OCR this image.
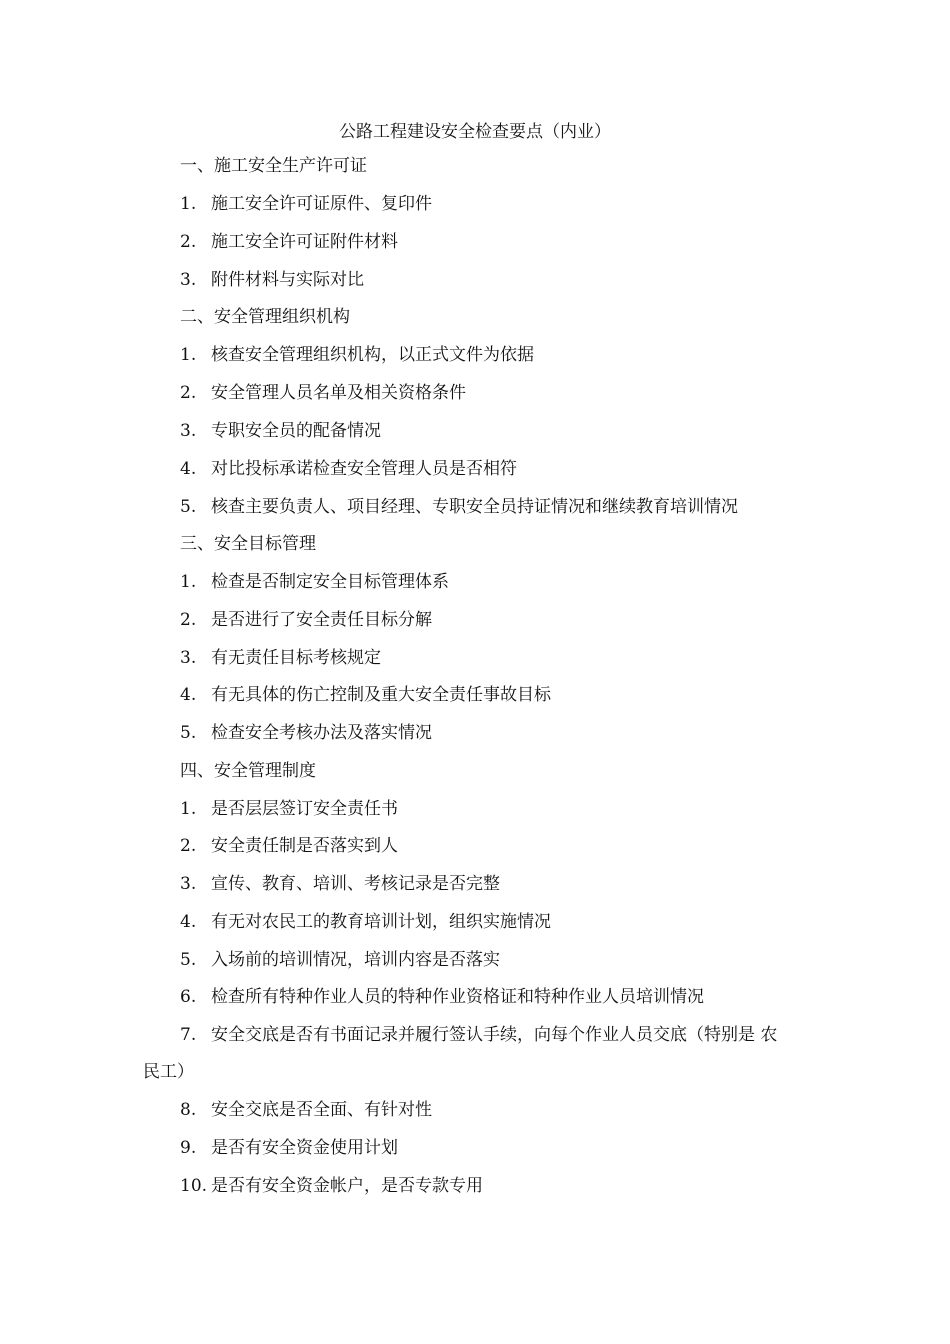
公路工程建设安全检查要点（内业）
一、施工安全生产许可证
1. 施工安全许可证原件、复印件
2. 施工安全许可证附件材料
3. 附件材料与实际对比
二、安全管理组织机构
1. 核查安全管理组织机构，以正式文件为依据
2. 安全管理人员名单及相关资格条件
3. 专职安全员的配备情况
4. 对比投标承诺检查安全管理人员是否相符
5. 核查主要负责人、项目经理、专职安全员持证情况和继续教育培训情况
三、安全目标管理
1. 检查是否制定安全目标管理体系
2. 是否进行了安全责任目标分解
3. 有无责任目标考核规定
4. 有无具体的伤亡控制及重大安全责任事故目标
5. 检查安全考核办法及落实情况
四、安全管理制度
1. 是否层层签订安全责任书
2. 安全责任制是否落实到人
3. 宣传、教育、培训、考核记录是否完整
4. 有无对农民工的教育培训计划，组织实施情况
5. 入场前的培训情况，培训内容是否落实
6. 检查所有特种作业人员的特种作业资格证和特种作业人员培训情况
7. 安全交底是否有书面记录并履行签认手续，向每个作业人员交底（特别是 农
民工）
8. 安全交底是否全面、有针对性
9. 是否有安全资金使用计划
10. 是否有安全资金帐户，是否专款专用
